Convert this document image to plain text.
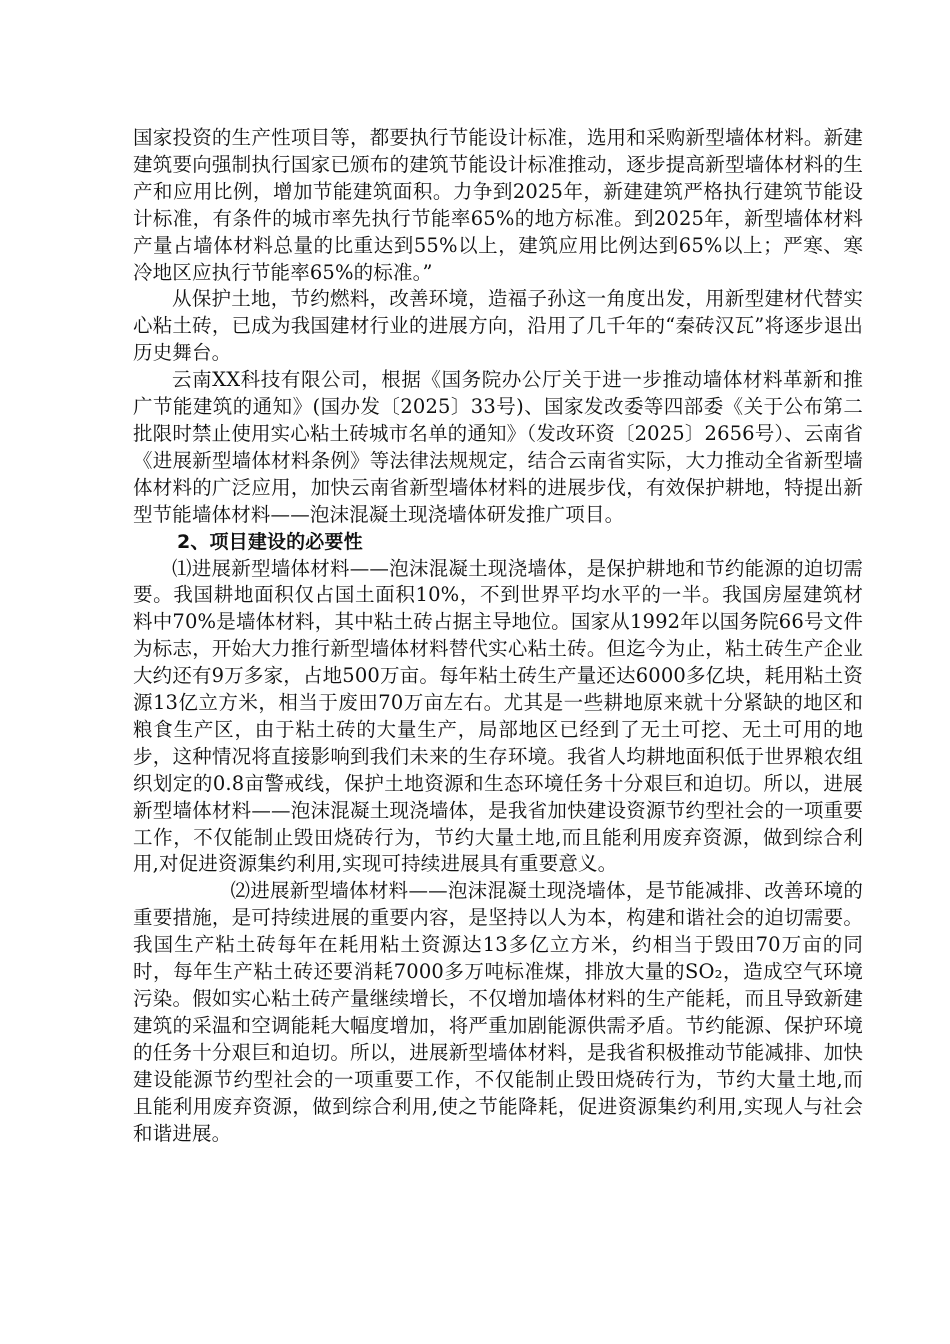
国家投资的生产性项目等，都要执行节能设计标准，选用和采购新型墙体材料。新建建筑要向强制执行国家已颁布的建筑节能设计标准推动，逐步提高新型墙体材料的生产和应用比例，增加节能建筑面积。力争到2025年，新建建筑严格执行建筑节能设计标准，有条件的城市率先执行节能率65%的地方标准。到2025年，新型墙体材料产量占墙体材料总量的比重达到55%以上，建筑应用比例达到65%以上；严寒、寒冷地区应执行节能率65%的标准。”

从保护土地，节约燃料，改善环境，造福子孙这一角度出发，用新型建材代替实心粘土砖，已成为我国建材行业的进展方向，沿用了几千年的“秦砖汉瓦”将逐步退出历史舞台。

云南XX科技有限公司，根据《国务院办公厅关于进一步推动墙体材料革新和推广节能建筑的通知》(国办发〔2025〕33号)、国家发改委等四部委《关于公布第二批限时禁止使用实心粘土砖城市名单的通知》（发改环资〔2025〕2656号）、云南省《进展新型墙体材料条例》等法律法规规定，结合云南省实际，大力推动全省新型墙体材料的广泛应用，加快云南省新型墙体材料的进展步伐，有效保护耕地，特提出新型节能墙体材料——泡沫混凝土现浇墙体研发推广项目。

2、项目建设的必要性

⑴进展新型墙体材料——泡沫混凝土现浇墙体，是保护耕地和节约能源的迫切需要。我国耕地面积仅占国土面积10%，不到世界平均水平的一半。我国房屋建筑材料中70%是墙体材料，其中粘土砖占据主导地位。国家从1992年以国务院66号文件为标志，开始大力推行新型墙体材料替代实心粘土砖。但迄今为止，粘土砖生产企业大约还有9万多家，占地500万亩。每年粘土砖生产量还达6000多亿块，耗用粘土资源13亿立方米，相当于废田70万亩左右。尤其是一些耕地原来就十分紧缺的地区和粮食生产区，由于粘土砖的大量生产，局部地区已经到了无土可挖、无土可用的地步，这种情况将直接影响到我们未来的生存环境。我省人均耕地面积低于世界粮农组织划定的0.8亩警戒线，保护土地资源和生态环境任务十分艰巨和迫切。所以，进展新型墙体材料——泡沫混凝土现浇墙体，是我省加快建设资源节约型社会的一项重要工作，不仅能制止毁田烧砖行为，节约大量土地,而且能利用废弃资源，做到综合利用,对促进资源集约利用,实现可持续进展具有重要意义。

⑵进展新型墙体材料——泡沫混凝土现浇墙体，是节能减排、改善环境的重要措施，是可持续进展的重要内容，是坚持以人为本，构建和谐社会的迫切需要。我国生产粘土砖每年在耗用粘土资源达13多亿立方米，约相当于毁田70万亩的同时，每年生产粘土砖还要消耗7000多万吨标准煤，排放大量的SO₂，造成空气环境污染。假如实心粘土砖产量继续增长，不仅增加墙体材料的生产能耗，而且导致新建建筑的采温和空调能耗大幅度增加，将严重加剧能源供需矛盾。节约能源、保护环境的任务十分艰巨和迫切。所以，进展新型墙体材料，是我省积极推动节能减排、加快建设能源节约型社会的一项重要工作，不仅能制止毁田烧砖行为，节约大量土地,而且能利用废弃资源，做到综合利用,使之节能降耗，促进资源集约利用,实现人与社会和谐进展。
